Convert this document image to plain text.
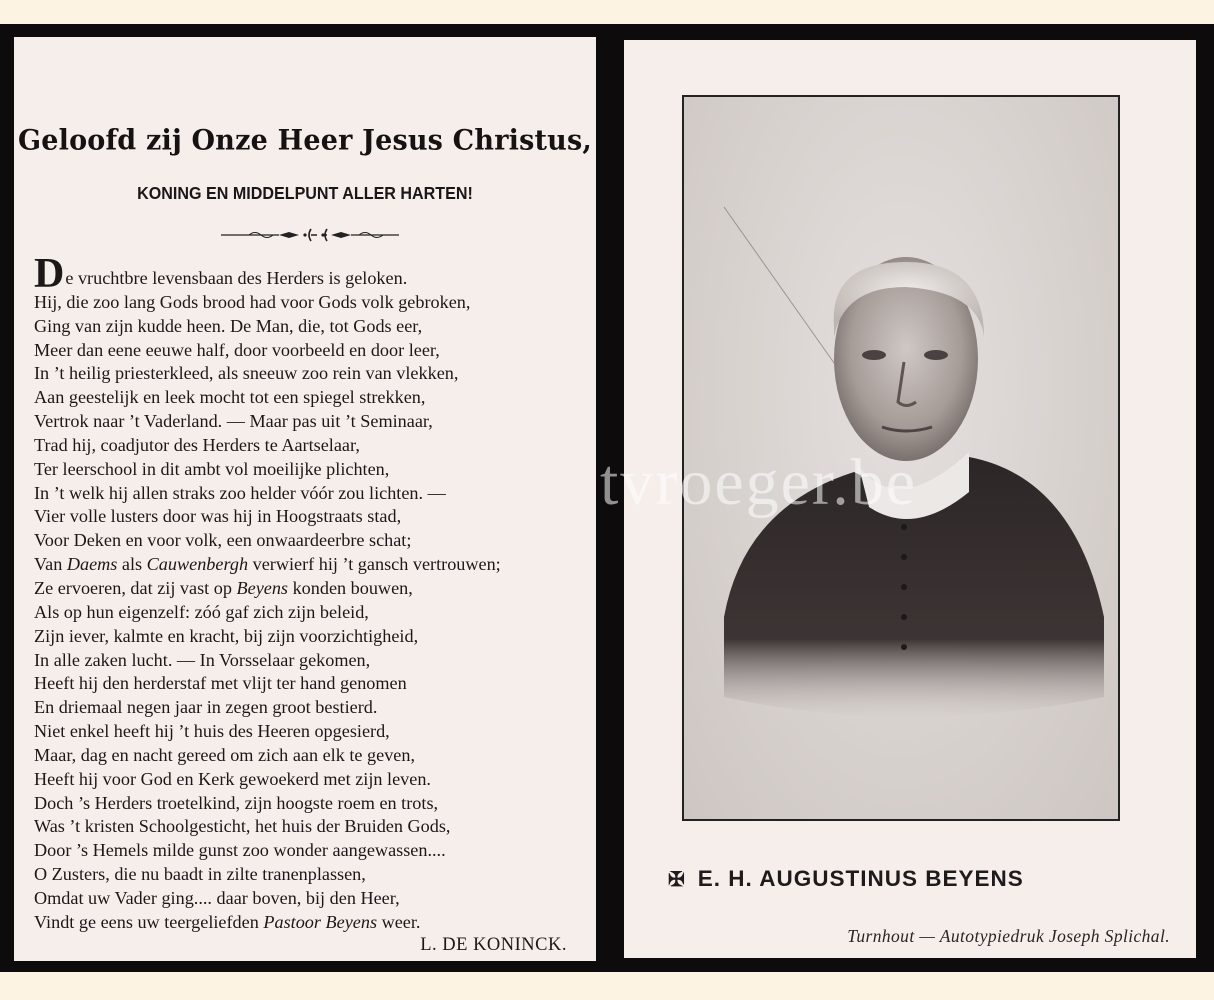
Geloofd zij Onze Heer Jesus Christus,
KONING EN MIDDELPUNT ALLER HARTEN!
De vruchtbre levensbaan des Herders is geloken.
Hij, die zoo lang Gods brood had voor Gods volk gebroken,
Ging van zijn kudde heen. De Man, die, tot Gods eer,
Meer dan eene eeuwe half, door voorbeeld en door leer,
In ’t heilig priesterkleed, als sneeuw zoo rein van vlekken,
Aan geestelijk en leek mocht tot een spiegel strekken,
Vertrok naar ’t Vaderland. — Maar pas uit ’t Seminaar,
Trad hij, coadjutor des Herders te Aartselaar,
Ter leerschool in dit ambt vol moeilijke plichten,
In ’t welk hij allen straks zoo helder vóór zou lichten. —
Vier volle lusters door was hij in Hoogstraats stad,
Voor Deken en voor volk, een onwaardeerbre schat;
Van Daems als Cauwenbergh verwierf hij ’t gansch vertrouwen;
Ze ervoeren, dat zij vast op Beyens konden bouwen,
Als op hun eigenzelf: zóó gaf zich zijn beleid,
Zijn iever, kalmte en kracht, bij zijn voorzichtigheid,
In alle zaken lucht. — In Vorsselaar gekomen,
Heeft hij den herderstaf met vlijt ter hand genomen
En driemaal negen jaar in zegen groot bestierd.
Niet enkel heeft hij ’t huis des Heeren opgesierd,
Maar, dag en nacht gereed om zich aan elk te geven,
Heeft hij voor God en Kerk gewoekerd met zijn leven.
Doch ’s Herders troetelkind, zijn hoogste roem en trots,
Was ’t kristen Schoolgesticht, het huis der Bruiden Gods,
Door ’s Hemels milde gunst zoo wonder aangewassen....
O Zusters, die nu baadt in zilte tranenplassen,
Omdat uw Vader ging.... daar boven, bij den Heer,
Vindt ge eens uw teergeliefden Pastoor Beyens weer.
L. DE KONINCK.
✠ E. H. AUGUSTINUS BEYENS
Turnhout — Autotypiedruk Joseph Splichal.
tvroeger.be
